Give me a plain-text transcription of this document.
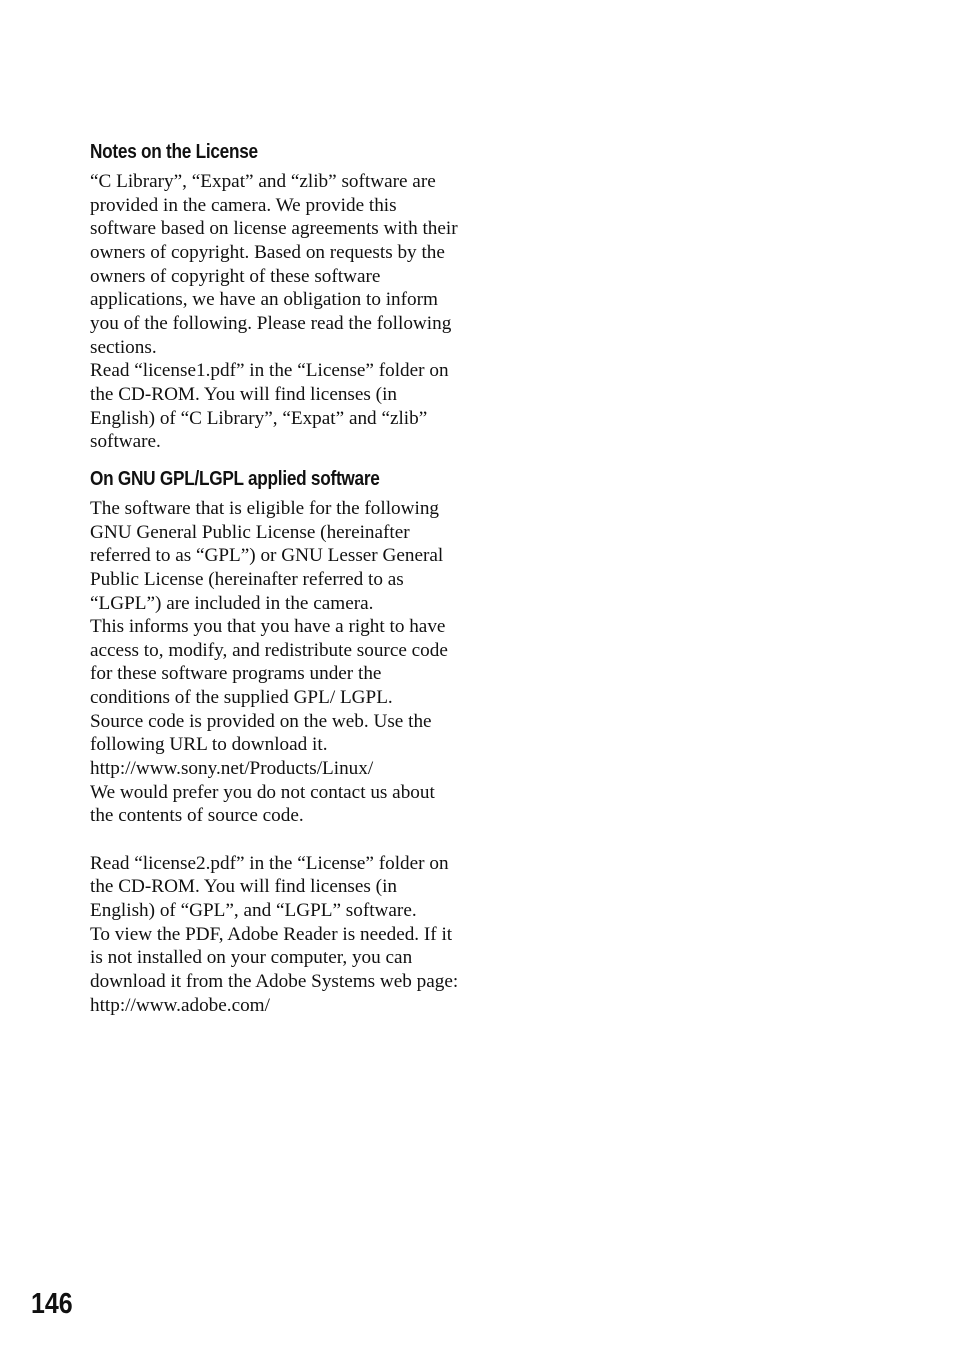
Notes on the License

“C Library”, “Expat” and “zlib” software are provided in the camera. We provide this software based on license agreements with their owners of copyright. Based on requests by the owners of copyright of these software applications, we have an obligation to inform you of the following. Please read the following sections.

Read “license1.pdf” in the “License” folder on the CD-ROM. You will find licenses (in English) of “C Library”, “Expat” and “zlib” software.

On GNU GPL/LGPL applied software

The software that is eligible for the following GNU General Public License (hereinafter referred to as “GPL”) or GNU Lesser General Public License (hereinafter referred to as “LGPL”) are included in the camera.

This informs you that you have a right to have access to, modify, and redistribute source code for these software programs under the conditions of the supplied GPL/ LGPL.

Source code is provided on the web. Use the following URL to download it.

http://www.sony.net/Products/Linux/

We would prefer you do not contact us about the contents of source code.

Read “license2.pdf” in the “License” folder on the CD-ROM. You will find licenses (in English) of “GPL”, and “LGPL” software.

To view the PDF, Adobe Reader is needed. If it is not installed on your computer, you can download it from the Adobe Systems web page:

http://www.adobe.com/

146
